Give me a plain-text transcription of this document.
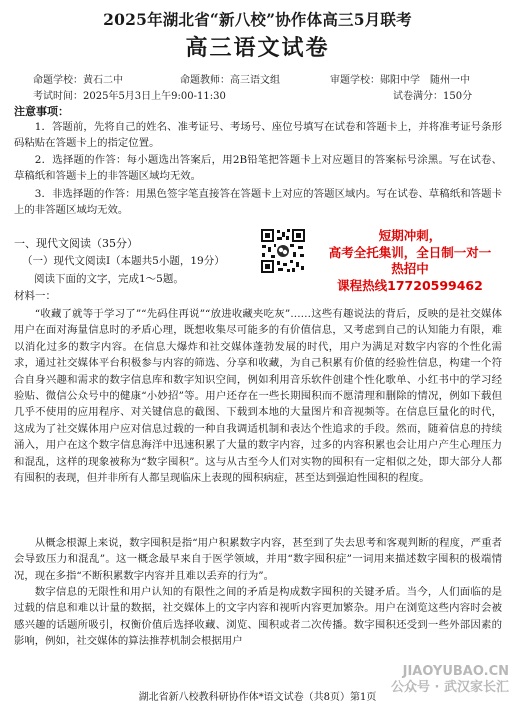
2025年湖北省“新八校”协作体高三5月联考
高三语文试卷
命题学校：黄石二中	命题教师：高三语文组	审题学校：郧阳中学　随州一中
考试时间：2025年5月3日上午9:00-11:30	试卷满分：150分
注意事项：
1．答题前，先将自己的姓名、准考证号、考场号、座位号填写在试卷和答题卡上，并将准考证号条形码粘贴在答题卡上的指定位置。
2．选择题的作答：每小题选出答案后，用2B铅笔把答题卡上对应题目的答案标号涂黑。写在试卷、草稿纸和答题卡上的非答题区域均无效。
3．非选择题的作答：用黑色签字笔直接答在答题卡上对应的答题区域内。写在试卷、草稿纸和答题卡上的非答题区域均无效。
一、现代文阅读（35分）
（一）现代文阅读Ⅰ（本题共5小题，19分）
阅读下面的文字，完成1～5题。
材料一：
短期冲刺，
高考全托集训，全日制一对一
热招中
课程热线17720599462
“收藏了就等于学习了”“先码住再说”“放进收藏夹吃灰”……这些有趣说法的背后，反映的是社交媒体用户在面对海量信息时的矛盾心理，既想收集尽可能多的有价值信息，又考虑到自己的认知能力有限，难以消化过多的数字内容。在信息大爆炸和社交媒体蓬勃发展的时代，用户为满足对数字内容的个性化需求，通过社交媒体平台积极参与内容的筛选、分享和收藏，为自己积累有价值的经验性信息，构建一个符合自身兴趣和需求的数字信息库和数字知识空间，例如利用音乐软件创建个性化歌单、小红书中的学习经验贴、微信公众号中的健康“小妙招”等。用户还存在一些长期囤积而不愿清理和删除的情况，例如下载但几乎不使用的应用程序、对关键信息的截图、下载到本地的大量图片和音视频等。在信息巨量化的时代，这成为了社交媒体用户应对信息过载的一种自我调适机制和表达个性追求的手段。然而，随着信息的持续涌入，用户在这个数字信息海洋中迅速积累了大量的数字内容，过多的内容积累也会让用户产生心理压力和混乱，这样的现象被称为“数字囤积”。这与从古至今人们对实物的囤积有一定相似之处，即大部分人都有囤积的表现，但并非所有人都呈现临床上表现的囤积病症，甚至达到强迫性囤积的程度。
从概念根源上来说，数字囤积是指“用户积累数字内容，甚至到了失去思考和客观判断的程度，严重者会导致压力和混乱”。这一概念最早来自于医学领域，并用“数字囤积症”一词用来描述数字囤积的极端情况，现在多指“不断积累数字内容并且难以丢弃的行为”。
数字信息的无限性和用户认知的有限性之间的矛盾是构成数字囤积的关键矛盾。当今，人们面临的是过载的信息和难以计量的数据，社交媒体上的文字内容和视听内容更加繁杂。用户在浏览这些内容时会被感兴趣的话题所吸引，权衡价值后选择收藏、浏览、囤积或者二次传播。数字囤积还受到一些外部因素的影响，例如，社交媒体的算法推荐机制会根据用户
JIAOYUBAO.CN
公众号 · 武汉家长汇
湖北省新八校教科研协作体*语文试卷（共8页）第1页
